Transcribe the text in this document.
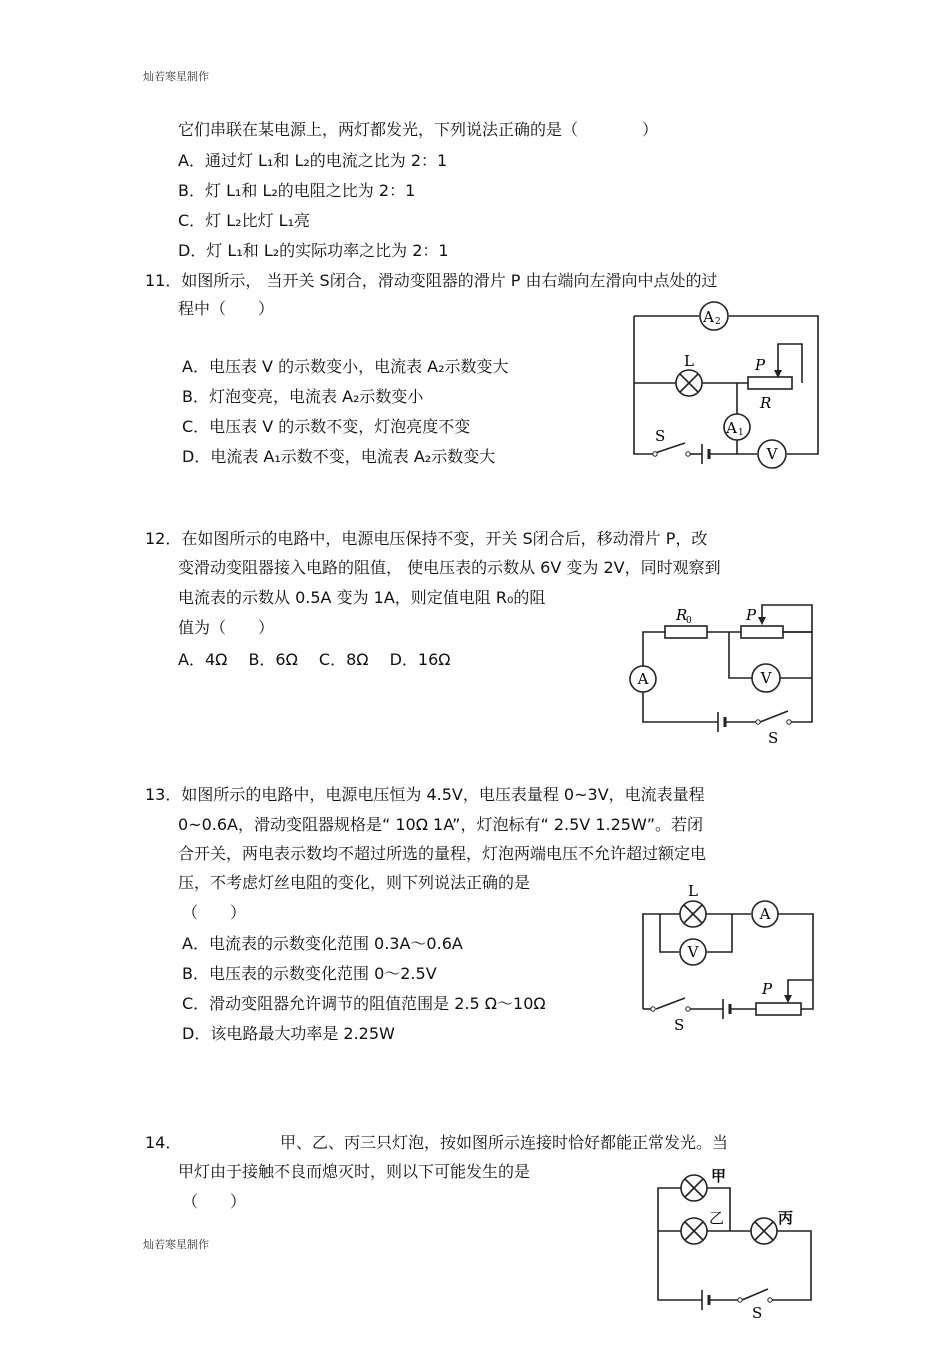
灿若寒星制作
灿若寒星制作
它们串联在某电源上，两灯都发光，下列说法正确的是（　　　　）
A．通过灯 L₁和 L₂的电流之比为 2：1
B．灯 L₁和 L₂的电阻之比为 2：1
C．灯 L₂比灯 L₁亮
D．灯 L₁和 L₂的实际功率之比为 2：1
11．如图所示， 当开关 S闭合，滑动变阻器的滑片 P 由右端向左滑向中点处的过
程中（　　）
A．电压表 V 的示数变小，电流表 A₂示数变大
B．灯泡变亮，电流表 A₂示数变小
C．电压表 V 的示数不变，灯泡亮度不变
D．电流表 A₁示数不变，电流表 A₂示数变大
A 2
L	P
R
A 1
S
V
12．在如图所示的电路中，电源电压保持不变，开关 S闭合后，移动滑片 P，改
变滑动变阻器接入电路的阻值， 使电压表的示数从 6V 变为 2V，同时观察到
电流表的示数从 0.5A 变为 1A，则定值电阻 R₀的阻
值为（　　）
A．4Ω　 B．6Ω　 C．8Ω　 D．16Ω
R
0	P
A	V
S
13．如图所示的电路中，电源电压恒为 4.5V，电压表量程 0~3V，电流表量程
0~0.6A，滑动变阻器规格是“ 10Ω 1A”，灯泡标有“ 2.5V 1.25W”。若闭
合开关，两电表示数均不超过所选的量程，灯泡两端电压不允许超过额定电
压，不考虑灯丝电阻的变化，则下列说法正确的是
（　　）
A．电流表的示数变化范围 0.3A～0.6A
B．电压表的示数变化范围 0～2.5V
C．滑动变阻器允许调节的阻值范围是 2.5 Ω～10Ω
D．该电路最大功率是 2.25W
L
A
V
P
S
14．	甲、乙、丙三只灯泡，按如图所示连接时恰好都能正常发光。当
甲灯由于接触不良而熄灭时，则以下可能发生的是
（　　）
甲
乙	丙
S
